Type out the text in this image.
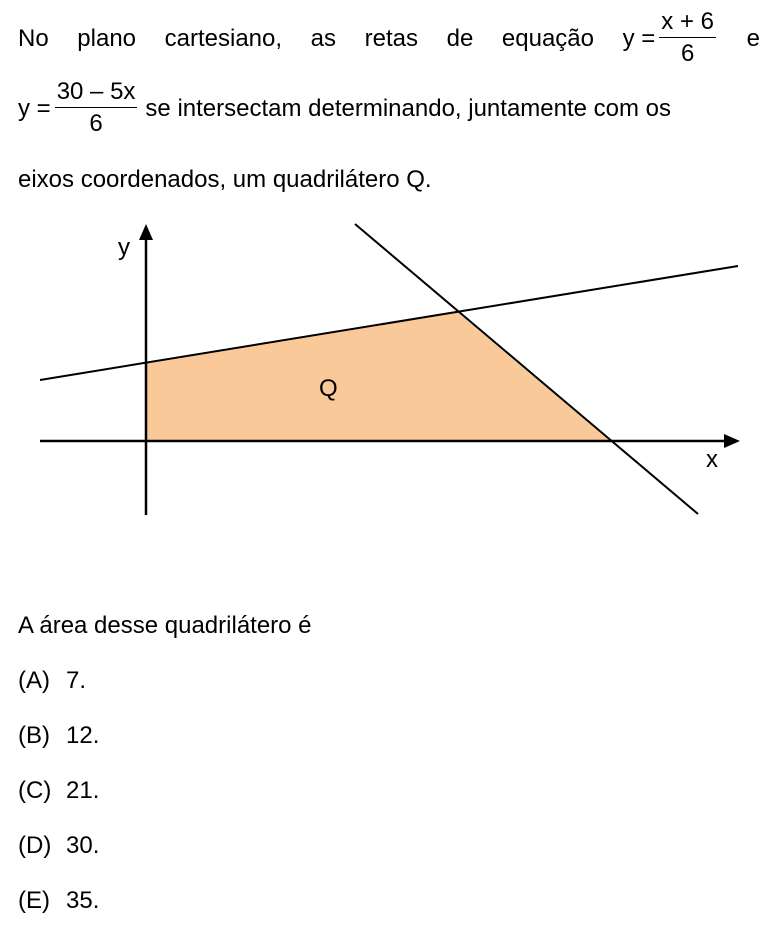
No plano cartesiano, as retas de equação $y = \frac{x + 6}{6}$ e
$y = \frac{30 - 5x}{6}$ se intersectam determinando, juntamente com os
eixos coordenados, um quadrilátero Q.
y
x
Q
A área desse quadrilátero é
(A) 7.
(B) 12.
(C) 21.
(D) 30.
(E) 35.
